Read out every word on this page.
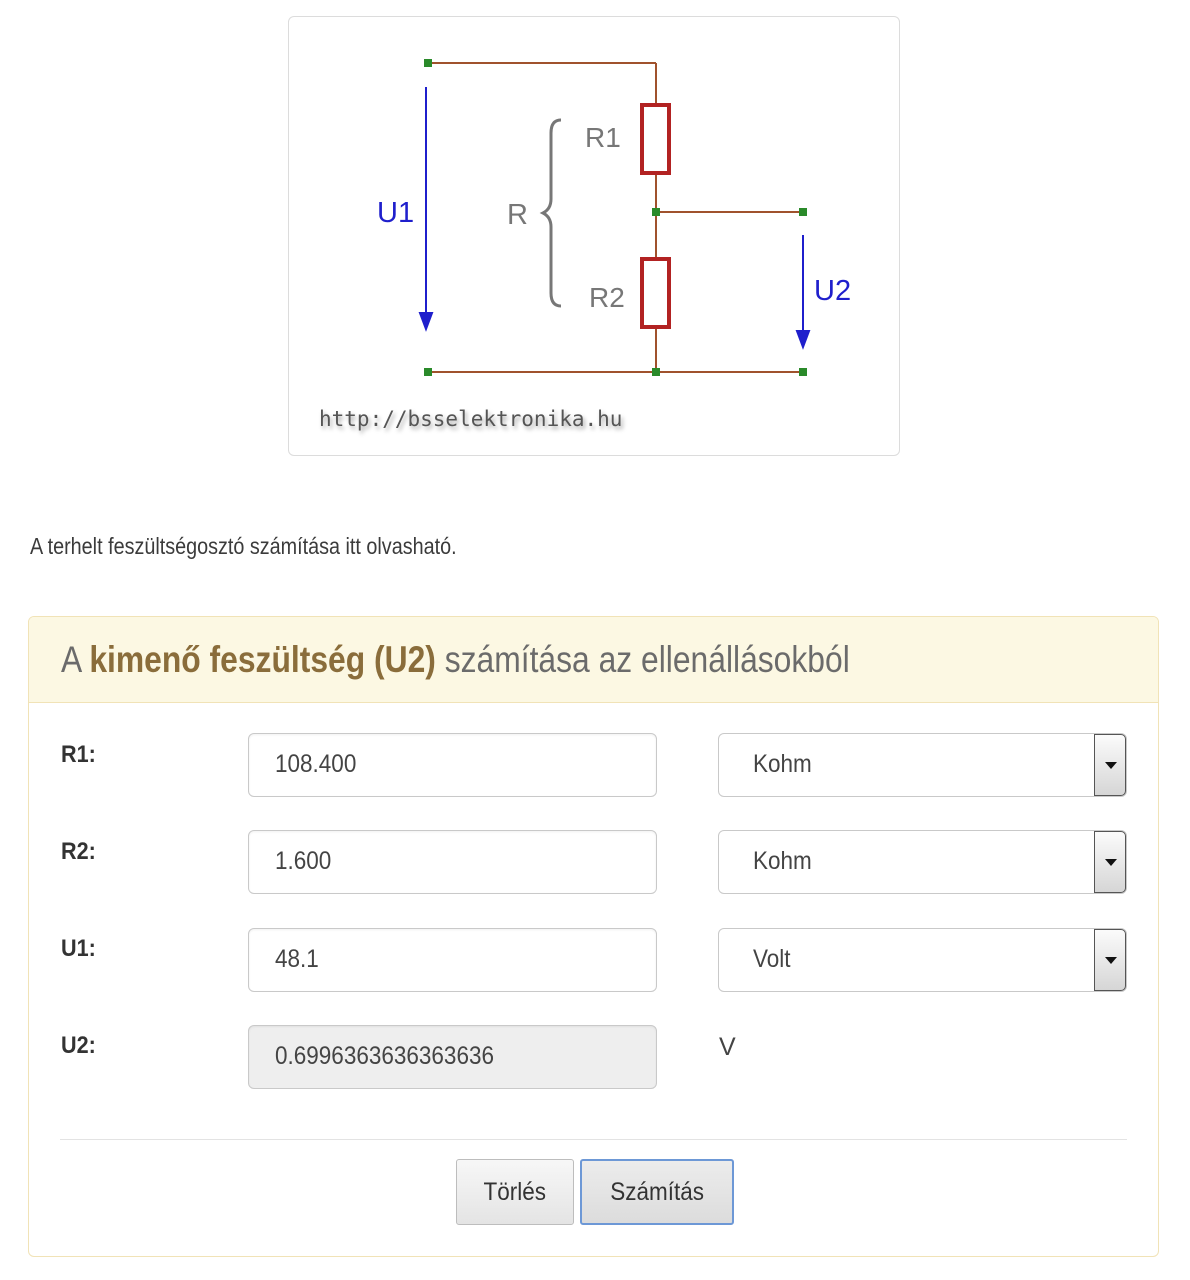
U1
U2
R
R1
R2
http://bsselektronika.hu
A terhelt feszültségosztó számítása itt olvasható.
A kimenő feszültség (U2) számítása az ellenállásokból
R1:	108.400	Kohm
R2:	1.600	Kohm
U1:	48.1	Volt
U2:	0.6996363636363636	V
Törlés	Számítás
